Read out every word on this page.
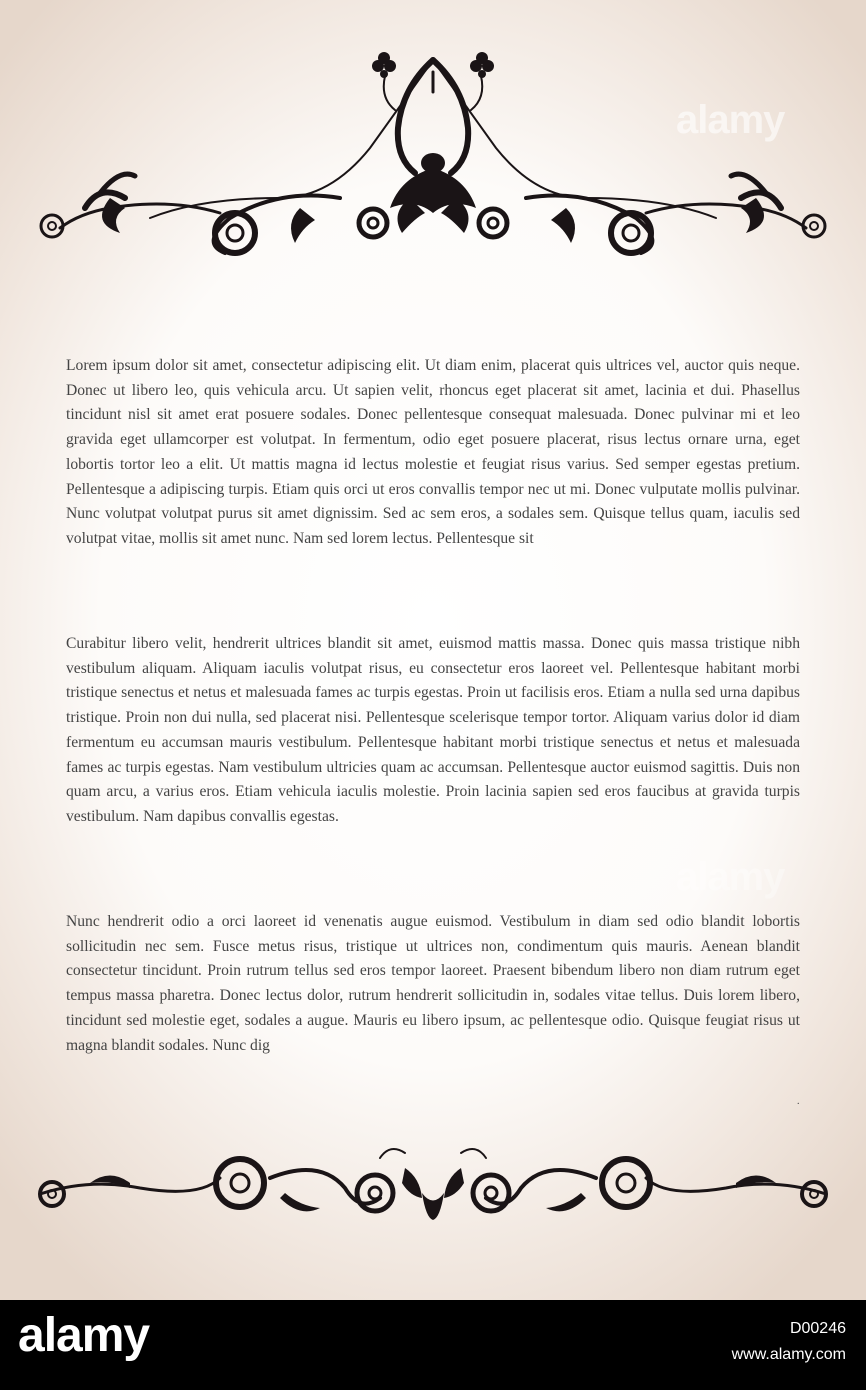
Lorem ipsum dolor sit amet, consectetur adipiscing elit. Ut diam enim, placerat quis ultrices vel, auctor quis neque. Donec ut libero leo, quis vehicula arcu. Ut sapien velit, rhoncus eget placerat sit amet, lacinia et dui. Phasellus tincidunt nisl sit amet erat posuere sodales. Donec pellentesque consequat malesuada. Donec pulvinar mi et leo gravida eget ullamcorper est volutpat. In fermentum, odio eget posuere placerat, risus lectus ornare urna, eget lobortis tortor leo a elit. Ut mattis magna id lectus molestie et feugiat risus varius. Sed semper egestas pretium. Pellentesque a adipiscing turpis. Etiam quis orci ut eros convallis tempor nec ut mi. Donec vulputate mollis pulvinar. Nunc volutpat volutpat purus sit amet dignissim. Sed ac sem eros, a sodales sem. Quisque tellus quam, iaculis sed volutpat vitae, mollis sit amet nunc. Nam sed lorem lectus. Pellentesque sit

Curabitur libero velit, hendrerit ultrices blandit sit amet, euismod mattis massa. Donec quis massa tristique nibh vestibulum aliquam. Aliquam iaculis volutpat risus, eu consectetur eros laoreet vel. Pellentesque habitant morbi tristique senectus et netus et malesuada fames ac turpis egestas. Proin ut facilisis eros. Etiam a nulla sed urna dapibus tristique. Proin non dui nulla, sed placerat nisi. Pellentesque scelerisque tempor tortor. Aliquam varius dolor id diam fermentum eu accumsan mauris vestibulum. Pellentesque habitant morbi tristique senectus et netus et malesuada fames ac turpis egestas. Nam vestibulum ultricies quam ac accumsan. Pellentesque auctor euismod sagittis. Duis non quam arcu, a varius eros. Etiam vehicula iaculis molestie. Proin lacinia sapien sed eros faucibus at gravida turpis vestibulum. Nam dapibus convallis egestas.

Nunc hendrerit odio a orci laoreet id venenatis augue euismod. Vestibulum in diam sed odio blandit lobortis sollicitudin nec sem. Fusce metus risus, tristique ut ultrices non, condimentum quis mauris. Aenean blandit consectetur tincidunt. Proin rutrum tellus sed eros tempor laoreet. Praesent bibendum libero non diam rutrum eget tempus massa pharetra. Donec lectus dolor, rutrum hendrerit sollicitudin in, sodales vitae tellus. Duis lorem libero, tincidunt sed molestie eget, sodales a augue. Mauris eu libero ipsum, ac pellentesque odio. Quisque feugiat risus ut magna blandit sodales. Nunc dig

.
alamy
alamy
alamy	D00246
www.alamy.com
